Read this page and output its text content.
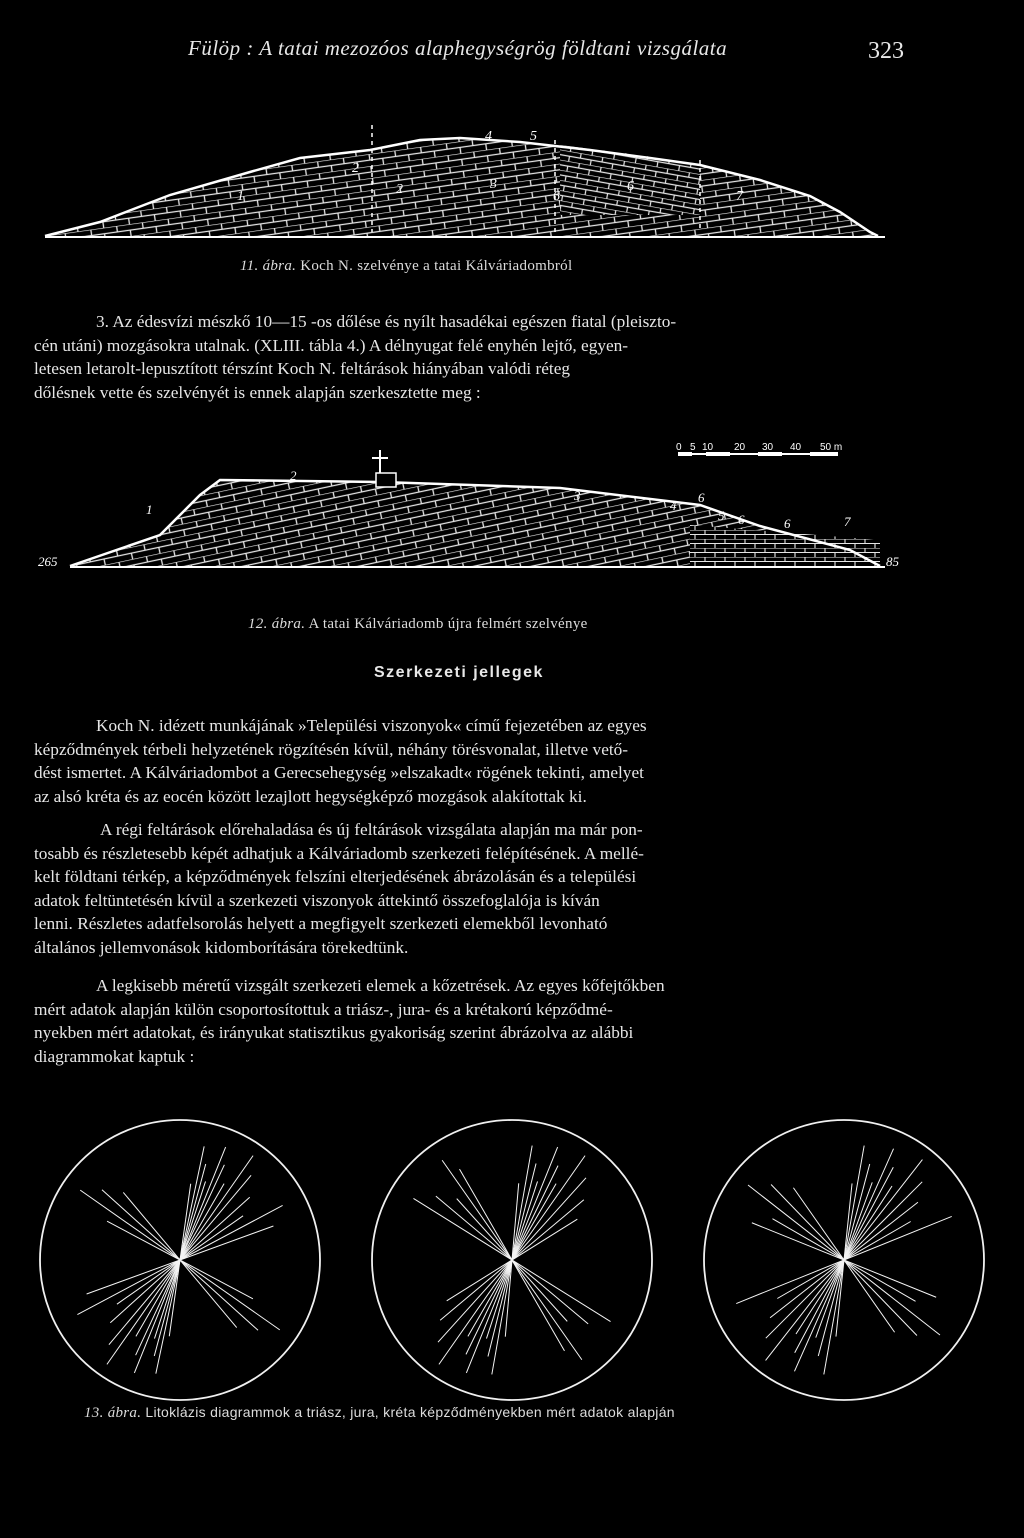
Fülöp : A tatai mezozóos alaphegységrög földtani vizsgálata	323
1
2
2	3
4	5
6
6
7
11. ábra. Koch N. szelvénye a tatai Kálváriadombról
3. Az édesvízi mészkő 10—15 -os dőlése és nyílt hasadékai egészen fiatal (pleiszto-
cén utáni) mozgásokra utalnak. (XLIII. tábla 4.) A délnyugat felé enyhén lejtő, egyen-
letesen letarolt-lepusztított térszínt Koch N. feltárások hiányában valódi réteg
dőlésnek vette és szelvényét is ennek alapján szerkesztette meg :
0 5 10 20 30 40 50 m
265	85
1
2
3
4
5
6
6	6	7
12. ábra. A tatai Kálváriadomb újra felmért szelvénye
Szerkezeti jellegek
Koch N. idézett munkájának »Települési viszonyok« című fejezetében az egyes
képződmények térbeli helyzetének rögzítésén kívül, néhány törésvonalat, illetve vető-
dést ismertet. A Kálváriadombot a Gerecsehegység »elszakadt« rögének tekinti, amelyet
az alsó kréta és az eocén között lezajlott hegységképző mozgások alakítottak ki.
A régi feltárások előrehaladása és új feltárások vizsgálata alapján ma már pon-
tosabb és részletesebb képét adhatjuk a Kálváriadomb szerkezeti felépítésének. A mellé-
kelt földtani térkép, a képződmények felszíni elterjedésének ábrázolásán és a települési
adatok feltüntetésén kívül a szerkezeti viszonyok áttekintő összefoglalója is kíván
lenni. Részletes adatfelsorolás helyett a megfigyelt szerkezeti elemekből levonható
általános jellemvonások kidomborítására törekedtünk.
A legkisebb méretű vizsgált szerkezeti elemek a kőzetrések. Az egyes kőfejtőkben
mért adatok alapján külön csoportosítottuk a triász-, jura- és a krétakorú képződmé-
nyekben mért adatokat, és irányukat statisztikus gyakoriság szerint ábrázolva az alábbi
diagrammokat kaptuk :
13. ábra. Litoklázis diagrammok a triász, jura, kréta képződményekben mért adatok alapján
